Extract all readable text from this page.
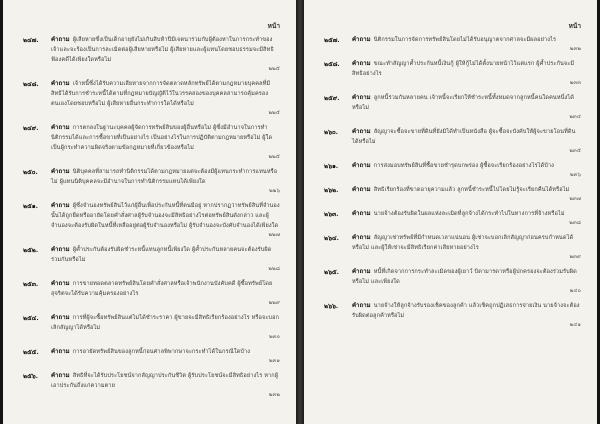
หน้า
๒๔๗. คำถาม ผู้เสียหายซึ่งเป็นเด็กอายุยังไม่เกินสิบห้าปีมีเจตนาร่วมกับผู้ต้องหาในการกระทำของเจ้าและจะร้องเป็นการละเมิดต่อผู้เสียหายหรือไม่ ผู้เสียหายและผู้แทนโดยชอบธรรมจะมีสิทธิฟ้องคดีได้เพียงใดหรือไม่
๒๒๕
๒๔๘. คำถาม เจ้าหนี้ซึ่งได้รับความเสียหายจากการจัดตลาดหลักทรัพย์ได้ตามกฎหมายบุคคลที่มีสิทธิได้รับการชำระหนี้ได้ตามที่กฎหมายบัญญัติไว้ในวรรคสองของบุคคลสามารถคุ้มครองตนเองโดยชอบหรือไม่ ผู้เสียหายอื่นกระทำการใดได้หรือไม่
๒๒๕
๒๔๙. คำถาม การตกลงในฐานะบุคคลผู้จัดการทรัพย์สินของผู้อื่นหรือไม่ ผู้ซึ่งมีอำนาจในการทำนิติกรรมได้และการซื้อขายที่เป็นอย่างไร เป็นอย่างไรในการปฏิบัติตามกฎหมายหรือไม่ ผู้ใดเป็นผู้กระทำความผิดจริงตามข้อกฎหมายที่เกี่ยวข้องหรือไม่
๒๒๕
๒๕๐. คำถาม นิติบุคคลที่สามารถทำนิติกรรมได้ตามกฎหมายแต่จะต้องมีผู้แทนกระทำการแทนหรือไม่ ผู้แทนนิติบุคคลจะมีอำนาจในการทำนิติกรรมแทนได้เพียงใด
๒๒๖
๒๕๑. คำถาม ผู้ซึ่งจำนองทรัพย์สินไว้แก่ผู้อื่นเพื่อประกันหนี้ที่ตนมีอยู่ หากปรากฏว่าทรัพย์สินที่จำนองนั้นได้ถูกยึดหรืออายัดโดยคำสั่งศาลผู้รับจำนองจะมีสิทธิอย่างไรต่อทรัพย์สินดังกล่าว และผู้จำนองจะต้องรับผิดในหนี้ที่เหลืออยู่ต่อผู้รับจำนองหรือไม่ ผู้รับจำนองจะบังคับจำนองได้เพียงใด
๒๒๗
๒๕๒. คำถาม ผู้ค้ำประกันต้องรับผิดชำระหนี้แทนลูกหนี้เพียงใด ผู้ค้ำประกันหลายคนจะต้องรับผิดร่วมกันหรือไม่
๒๒๘
๒๕๓. คำถาม การขายทอดตลาดทรัพย์สินโดยคำสั่งศาลหรือเจ้าพนักงานบังคับคดี ผู้ซื้อทรัพย์โดยสุจริตจะได้รับความคุ้มครองอย่างไร
๒๒๙
๒๕๔. คำถาม การที่ผู้จะซื้อทรัพย์สินแต่ไม่ได้ชำระราคา ผู้ขายจะมีสิทธิเรียกร้องอย่างไร หรือจะบอกเลิกสัญญาได้หรือไม่
๒๓๐
๒๕๕. คำถาม การอายัดทรัพย์สินของลูกหนี้ก่อนศาลพิพากษาจะกระทำได้ในกรณีใดบ้าง
๒๓๑
๒๕๖. คำถาม สิทธิที่จะได้รับประโยชน์จากสัญญาประกันชีวิต ผู้รับประโยชน์จะมีสิทธิอย่างไร หากผู้เอาประกันถึงแก่ความตาย
๒๓๒
หน้า
๒๕๗. คำถาม นิติกรรมในการจัดการทรัพย์สินโดยไม่ได้รับอนุญาตจากศาลจะมีผลอย่างไร
๒๓๒
๒๕๘. คำถาม ขณะทำสัญญาค้ำประกันหนี้เงินกู้ ผู้ให้กู้ไม่ได้ตั้งนายหน้าไว้แต่แรก ผู้ค้ำประกันจะมีสิทธิอย่างไร
๒๓๓
๒๕๙. คำถาม ลูกหนี้ร่วมกันหลายคน เจ้าหนี้จะเรียกให้ชำระหนี้ทั้งหมดจากลูกหนี้คนใดคนหนึ่งได้หรือไม่
๒๓๔
๒๖๐. คำถาม สัญญาจะซื้อจะขายที่ดินที่ยังมิได้ทำเป็นหนังสือ ผู้จะซื้อจะบังคับให้ผู้จะขายโอนที่ดินได้หรือไม่
๒๓๕
๒๖๑. คำถาม การส่งมอบทรัพย์สินที่ซื้อขายชำรุดบกพร่อง ผู้ซื้อจะเรียกร้องอย่างไรได้บ้าง
๒๓๖
๒๖๒. คำถาม สิทธิเรียกร้องที่ขาดอายุความแล้ว ลูกหนี้ชำระหนี้ไปโดยไม่รู้จะเรียกคืนได้หรือไม่
๒๓๗
๒๖๓. คำถาม นายจ้างต้องรับผิดในผลแห่งละเมิดที่ลูกจ้างได้กระทำไปในทางการที่จ้างหรือไม่
๒๓๘
๒๖๔. คำถาม สัญญาเช่าทรัพย์ที่มีกำหนดเวลาแน่นอน ผู้เช่าจะบอกเลิกสัญญาก่อนครบกำหนดได้หรือไม่ และผู้ให้เช่าจะมีสิทธิเรียกค่าเสียหายอย่างไร
๒๓๙
๒๖๕. คำถาม หนี้ที่เกิดจากการกระทำละเมิดของผู้เยาว์ บิดามารดาหรือผู้ปกครองจะต้องร่วมรับผิดหรือไม่ และเพียงใด
๒๔๐
๒๖๖. คำถาม นายจ้างให้ลูกจ้างรับรองเช็คของลูกค้า แล้วเช็คถูกปฏิเสธการจ่ายเงิน นายจ้างจะต้องรับผิดต่อลูกค้าหรือไม่
๒๔๑
